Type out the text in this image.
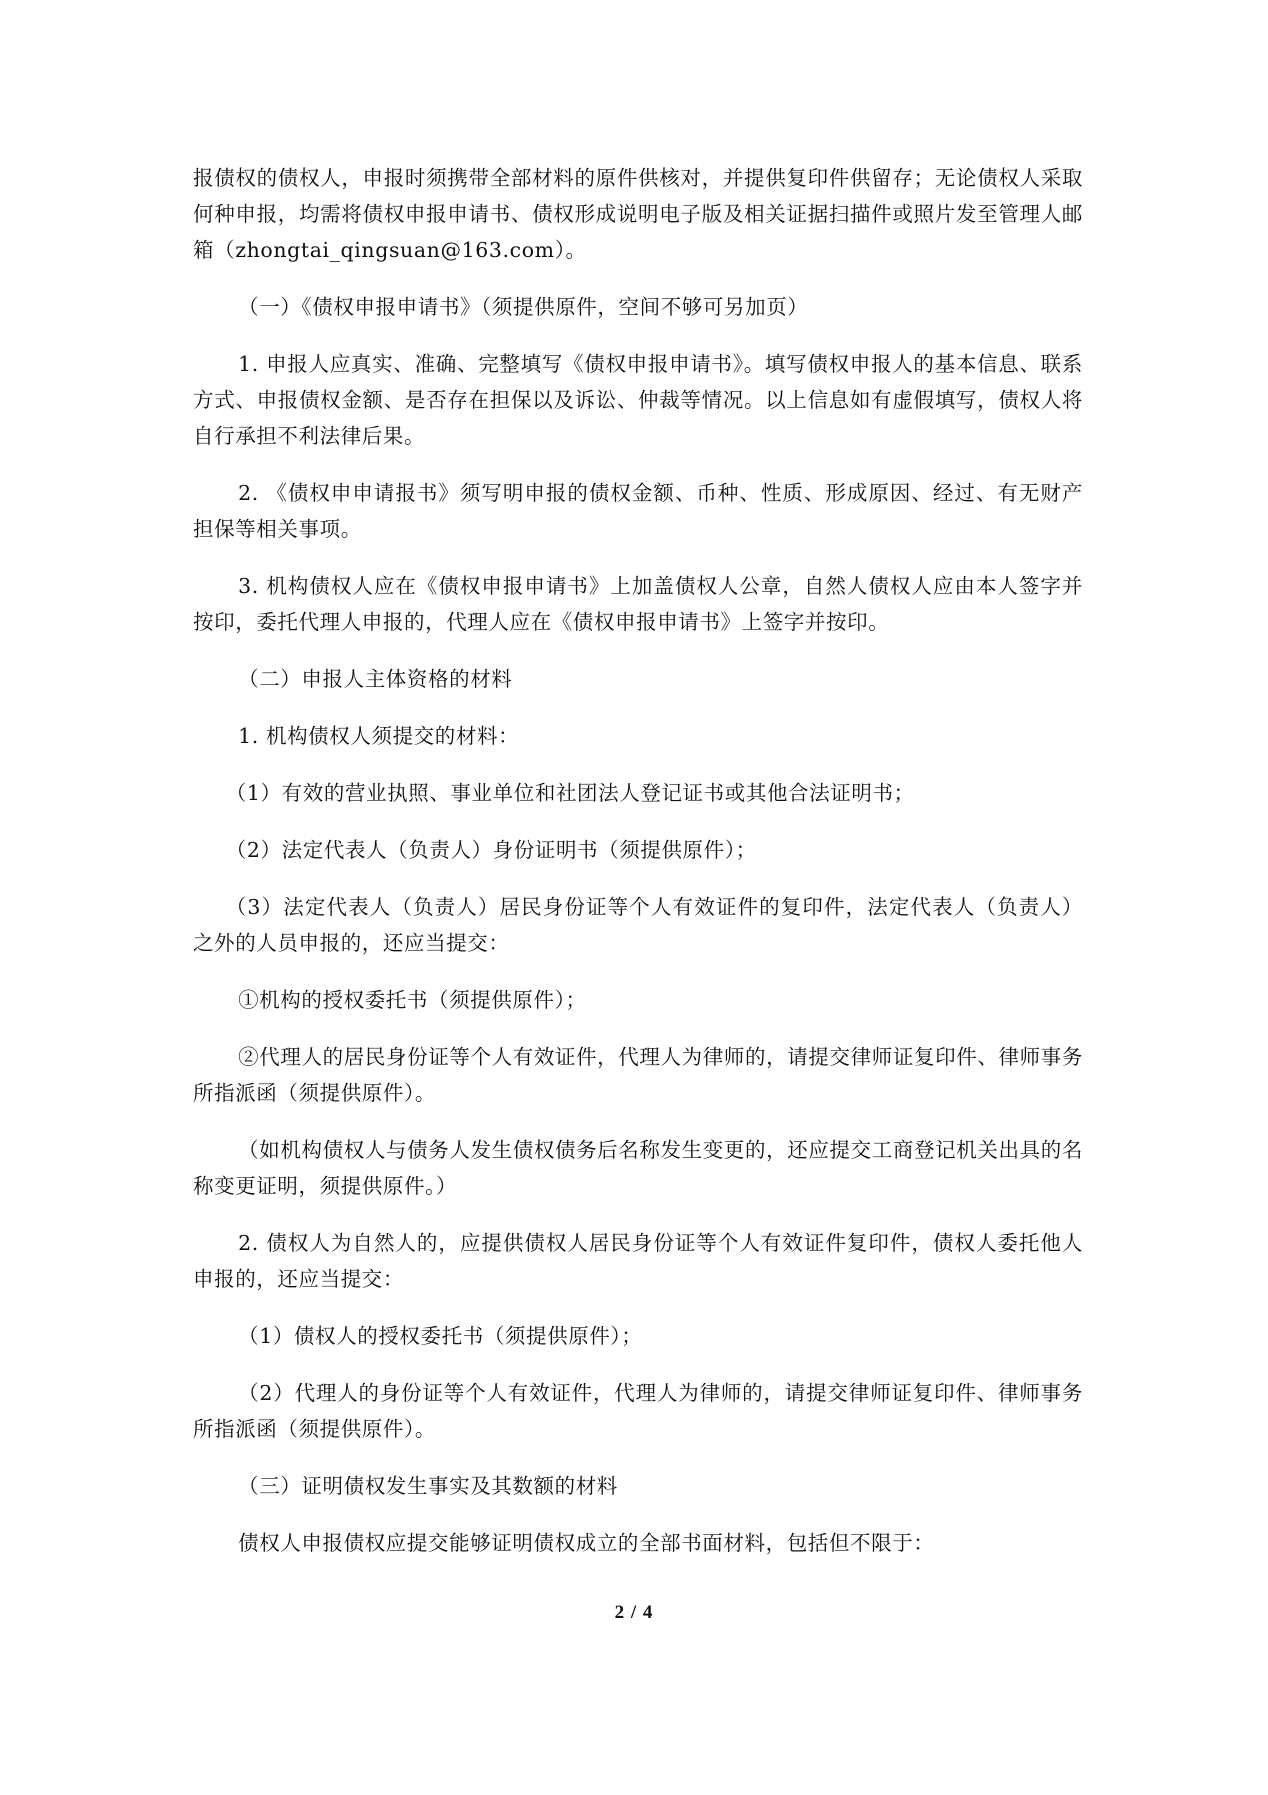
报债权的债权人，申报时须携带全部材料的原件供核对，并提供复印件供留存；无论债权人采取何种申报，均需将债权申报申请书、债权形成说明电子版及相关证据扫描件或照片发至管理人邮箱（zhongtai_qingsuan@163.com）。

（一）《债权申报申请书》（须提供原件，空间不够可另加页）

1. 申报人应真实、准确、完整填写《债权申报申请书》。填写债权申报人的基本信息、联系方式、申报债权金额、是否存在担保以及诉讼、仲裁等情况。以上信息如有虚假填写，债权人将自行承担不利法律后果。

2. 《债权申申请报书》须写明申报的债权金额、币种、性质、形成原因、经过、有无财产担保等相关事项。

3. 机构债权人应在《债权申报申请书》上加盖债权人公章，自然人债权人应由本人签字并按印，委托代理人申报的，代理人应在《债权申报申请书》上签字并按印。

（二）申报人主体资格的材料

1. 机构债权人须提交的材料：

（1）有效的营业执照、事业单位和社团法人登记证书或其他合法证明书；

（2）法定代表人（负责人）身份证明书（须提供原件）；

（3）法定代表人（负责人）居民身份证等个人有效证件的复印件，法定代表人（负责人）之外的人员申报的，还应当提交：

①机构的授权委托书（须提供原件）；

②代理人的居民身份证等个人有效证件，代理人为律师的，请提交律师证复印件、律师事务所指派函（须提供原件）。

（如机构债权人与债务人发生债权债务后名称发生变更的，还应提交工商登记机关出具的名称变更证明，须提供原件。）

2. 债权人为自然人的，应提供债权人居民身份证等个人有效证件复印件，债权人委托他人申报的，还应当提交：

（1）债权人的授权委托书（须提供原件）；

（2）代理人的身份证等个人有效证件，代理人为律师的，请提交律师证复印件、律师事务所指派函（须提供原件）。

（三）证明债权发生事实及其数额的材料

债权人申报债权应提交能够证明债权成立的全部书面材料，包括但不限于：

2 / 4
